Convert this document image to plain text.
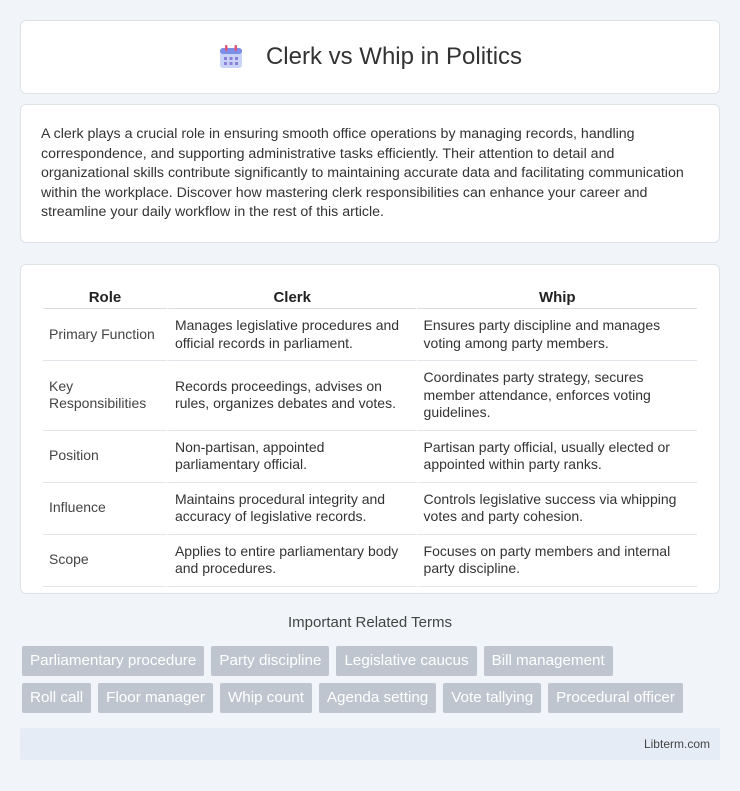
Clerk vs Whip in Politics

A clerk plays a crucial role in ensuring smooth office operations by managing records, handling correspondence, and supporting administrative tasks efficiently. Their attention to detail and organizational skills contribute significantly to maintaining accurate data and facilitating communication within the workplace. Discover how mastering clerk responsibilities can enhance your career and streamline your daily workflow in the rest of this article.

Role	Clerk	Whip
Primary Function	Manages legislative procedures and official records in parliament.	Ensures party discipline and manages voting among party members.
Key Responsibilities	Records proceedings, advises on rules, organizes debates and votes.	Coordinates party strategy, secures member attendance, enforces voting guidelines.
Position	Non-partisan, appointed parliamentary official.	Partisan party official, usually elected or appointed within party ranks.
Influence	Maintains procedural integrity and accuracy of legislative records.	Controls legislative success via whipping votes and party cohesion.
Scope	Applies to entire parliamentary body and procedures.	Focuses on party members and internal party discipline.
Important Related Terms
Parliamentary procedure	Party discipline	Legislative caucus	Bill management
Roll call	Floor manager	Whip count	Agenda setting	Vote tallying	Procedural officer
Libterm.com
